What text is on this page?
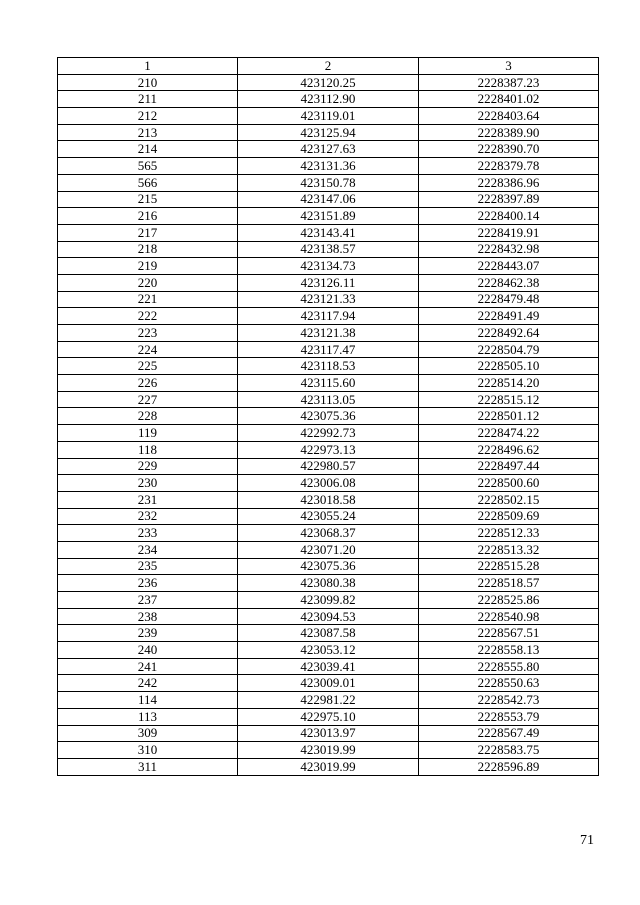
1	2	3
210	423120.25	2228387.23
211	423112.90	2228401.02
212	423119.01	2228403.64
213	423125.94	2228389.90
214	423127.63	2228390.70
565	423131.36	2228379.78
566	423150.78	2228386.96
215	423147.06	2228397.89
216	423151.89	2228400.14
217	423143.41	2228419.91
218	423138.57	2228432.98
219	423134.73	2228443.07
220	423126.11	2228462.38
221	423121.33	2228479.48
222	423117.94	2228491.49
223	423121.38	2228492.64
224	423117.47	2228504.79
225	423118.53	2228505.10
226	423115.60	2228514.20
227	423113.05	2228515.12
228	423075.36	2228501.12
119	422992.73	2228474.22
118	422973.13	2228496.62
229	422980.57	2228497.44
230	423006.08	2228500.60
231	423018.58	2228502.15
232	423055.24	2228509.69
233	423068.37	2228512.33
234	423071.20	2228513.32
235	423075.36	2228515.28
236	423080.38	2228518.57
237	423099.82	2228525.86
238	423094.53	2228540.98
239	423087.58	2228567.51
240	423053.12	2228558.13
241	423039.41	2228555.80
242	423009.01	2228550.63
114	422981.22	2228542.73
113	422975.10	2228553.79
309	423013.97	2228567.49
310	423019.99	2228583.75
311	423019.99	2228596.89
71
